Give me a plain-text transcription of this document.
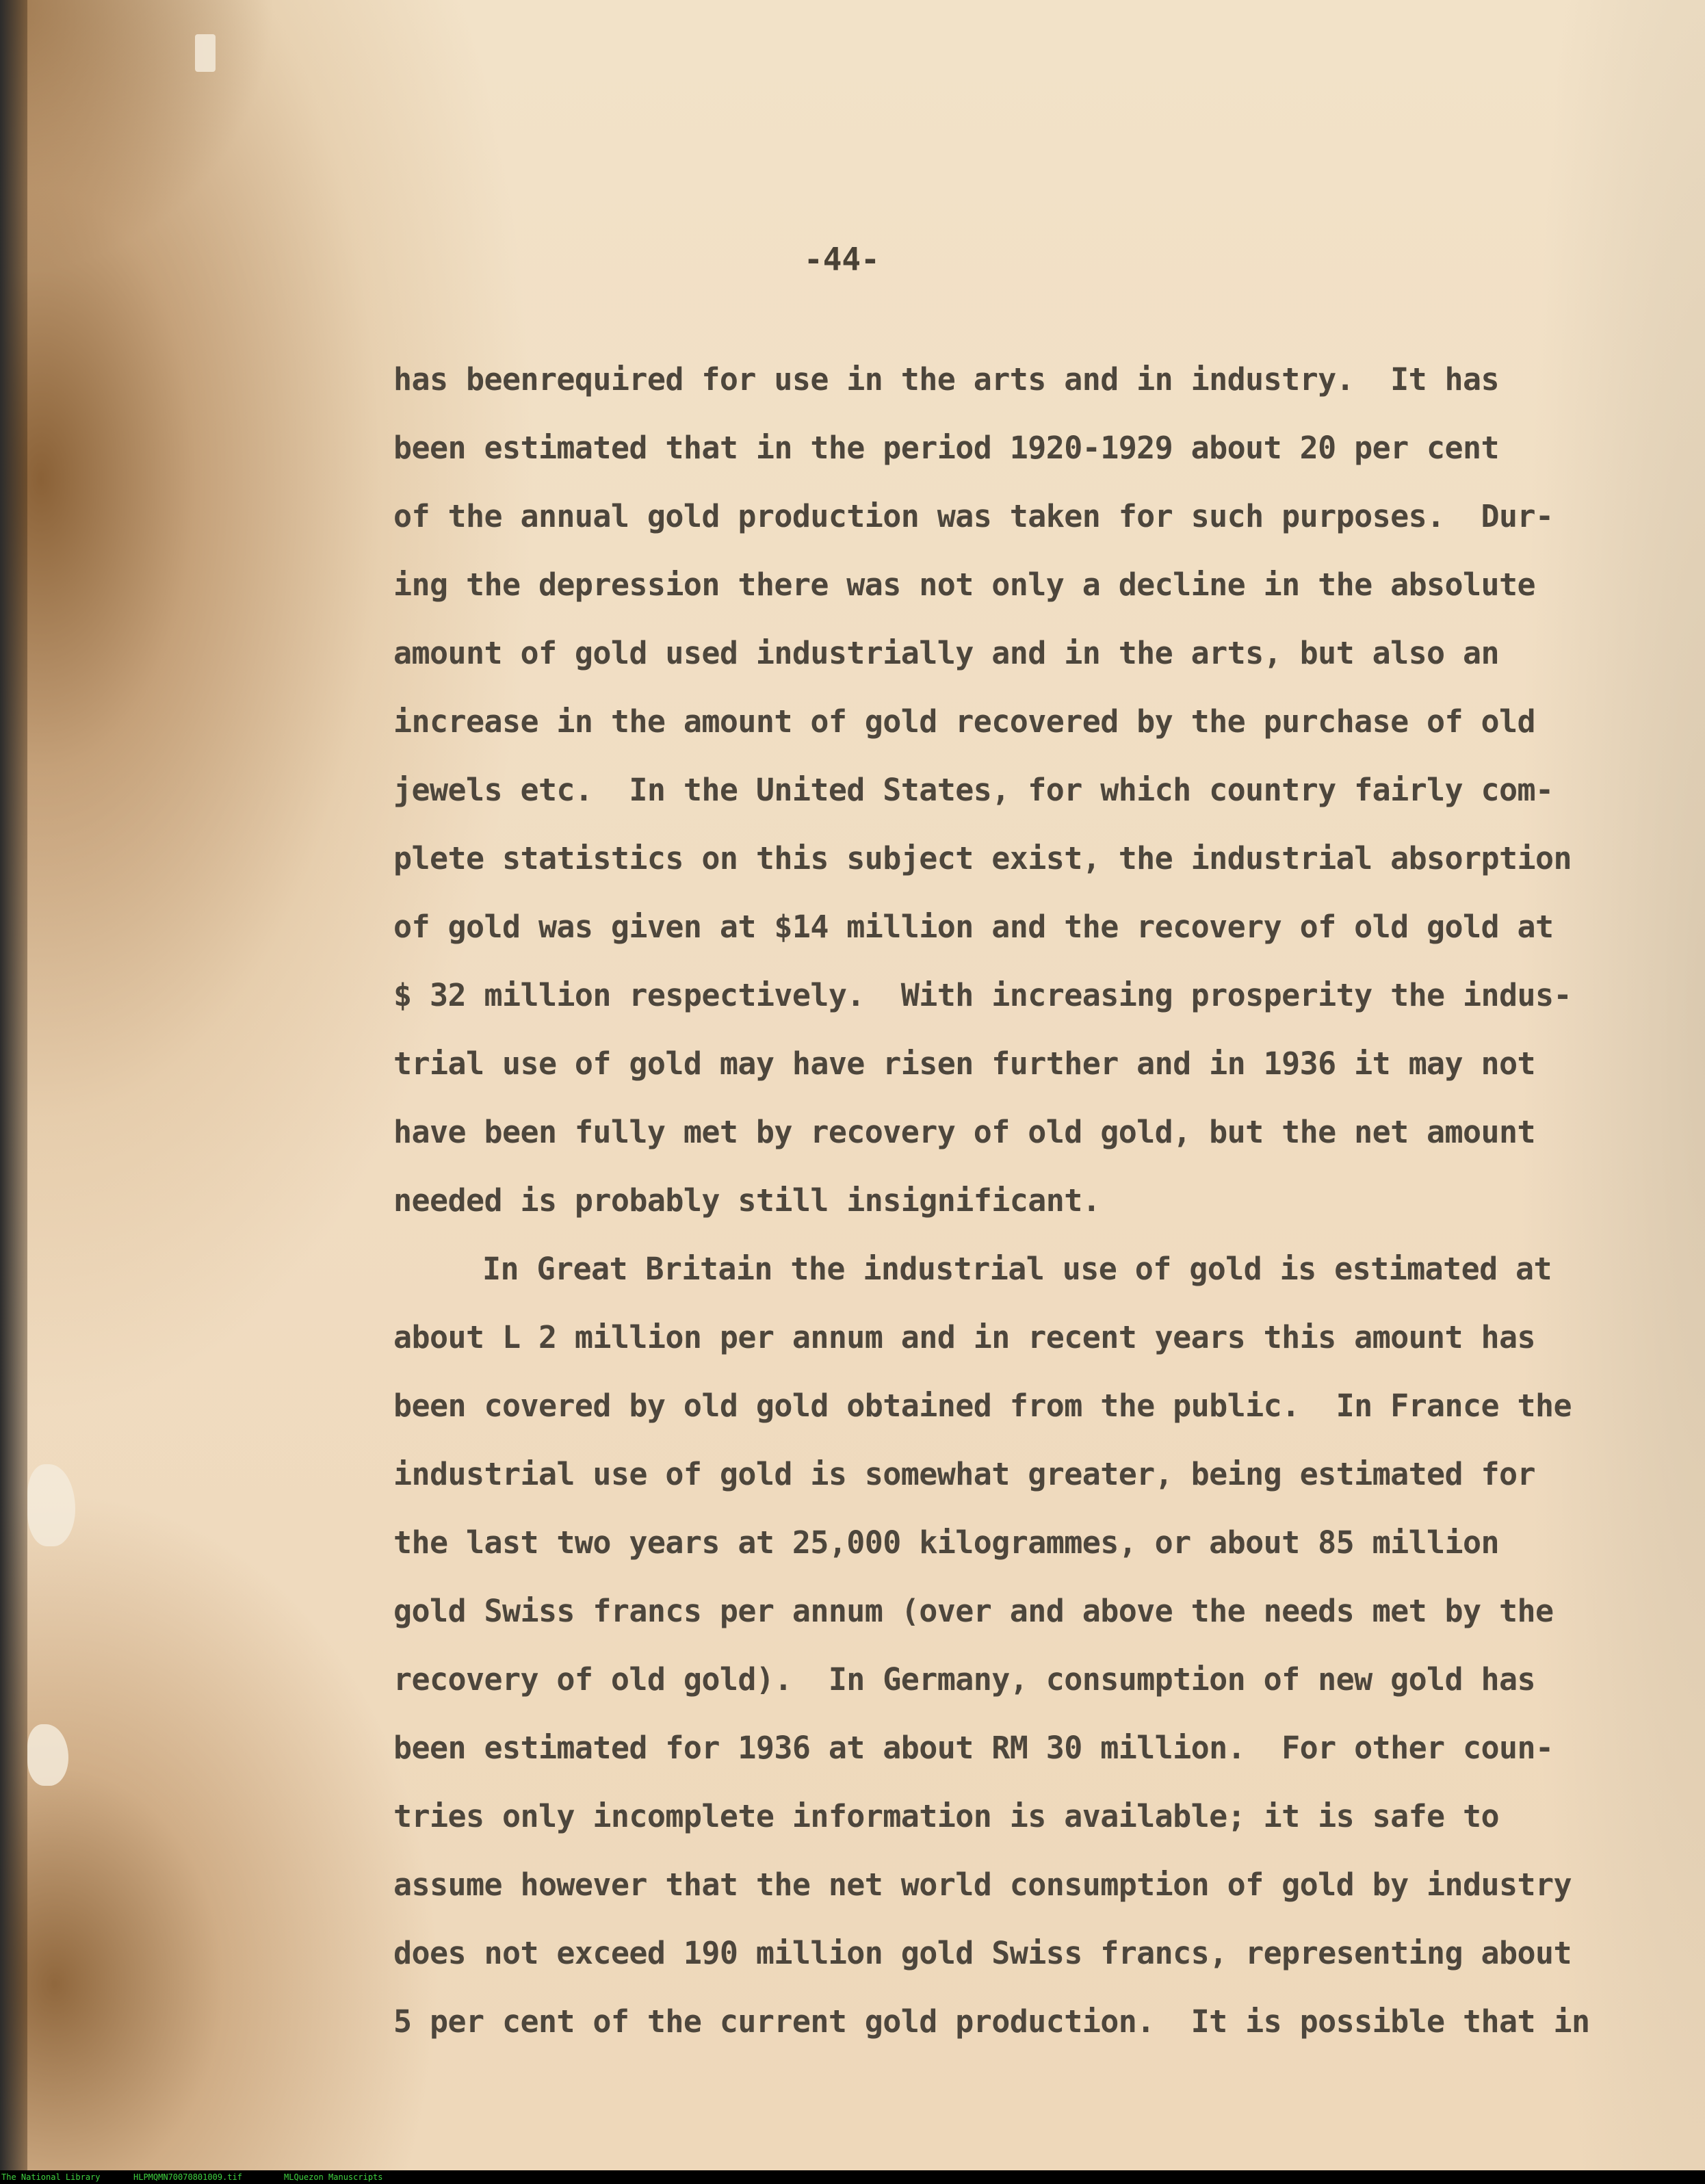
-44-
has beenrequired for use in the arts and in industry.  It has
been estimated that in the period 1920-1929 about 20 per cent
of the annual gold production was taken for such purposes.  Dur-
ing the depression there was not only a decline in the absolute
amount of gold used industrially and in the arts, but also an
increase in the amount of gold recovered by the purchase of old
jewels etc.  In the United States, for which country fairly com-
plete statistics on this subject exist, the industrial absorption
of gold was given at $14 million and the recovery of old gold at
$ 32 million respectively.  With increasing prosperity the indus-
trial use of gold may have risen further and in 1936 it may not
have been fully met by recovery of old gold, but the net amount
needed is probably still insignificant.
In Great Britain the industrial use of gold is estimated at
about L 2 million per annum and in recent years this amount has
been covered by old gold obtained from the public.  In France the
industrial use of gold is somewhat greater, being estimated for
the last two years at 25,000 kilogrammes, or about 85 million
gold Swiss francs per annum (over and above the needs met by the
recovery of old gold).  In Germany, consumption of new gold has
been estimated for 1936 at about RM 30 million.  For other coun-
tries only incomplete information is available; it is safe to
assume however that the net world consumption of gold by industry
does not exceed 190 million gold Swiss francs, representing about
5 per cent of the current gold production.  It is possible that in
The National Library	HLPMQMN70070801009.tif	MLQuezon Manuscripts
